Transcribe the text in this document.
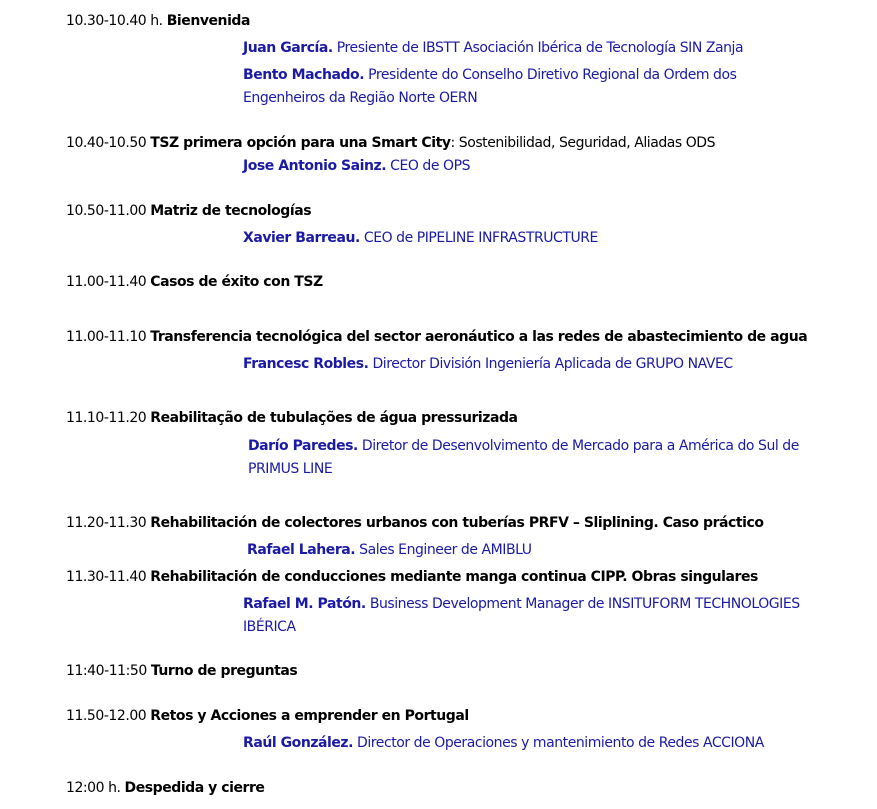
10.30-10.40 h. Bienvenida
Juan García. Presiente de IBSTT Asociación Ibérica de Tecnología SIN Zanja
Bento Machado. Presidente do Conselho Diretivo Regional da Ordem dos
Engenheiros da Região Norte OERN
10.40-10.50 TSZ primera opción para una Smart City: Sostenibilidad, Seguridad, Aliadas ODS
Jose Antonio Sainz. CEO de OPS
10.50-11.00 Matriz de tecnologías
Xavier Barreau. CEO de PIPELINE INFRASTRUCTURE
11.00-11.40 Casos de éxito con TSZ
11.00-11.10 Transferencia tecnológica del sector aeronáutico a las redes de abastecimiento de agua
Francesc Robles. Director División Ingeniería Aplicada de GRUPO NAVEC
11.10-11.20 Reabilitação de tubulações de água pressurizada
Darío Paredes. Diretor de Desenvolvimento de Mercado para a América do Sul de
PRIMUS LINE
11.20-11.30 Rehabilitación de colectores urbanos con tuberías PRFV – Sliplining. Caso práctico
Rafael Lahera. Sales Engineer de AMIBLU
11.30-11.40 Rehabilitación de conducciones mediante manga continua CIPP. Obras singulares
Rafael M. Patón. Business Development Manager de INSITUFORM TECHNOLOGIES
IBÉRICA
11:40-11:50 Turno de preguntas
11.50-12.00 Retos y Acciones a emprender en Portugal
Raúl González. Director de Operaciones y mantenimiento de Redes ACCIONA
12:00 h. Despedida y cierre
